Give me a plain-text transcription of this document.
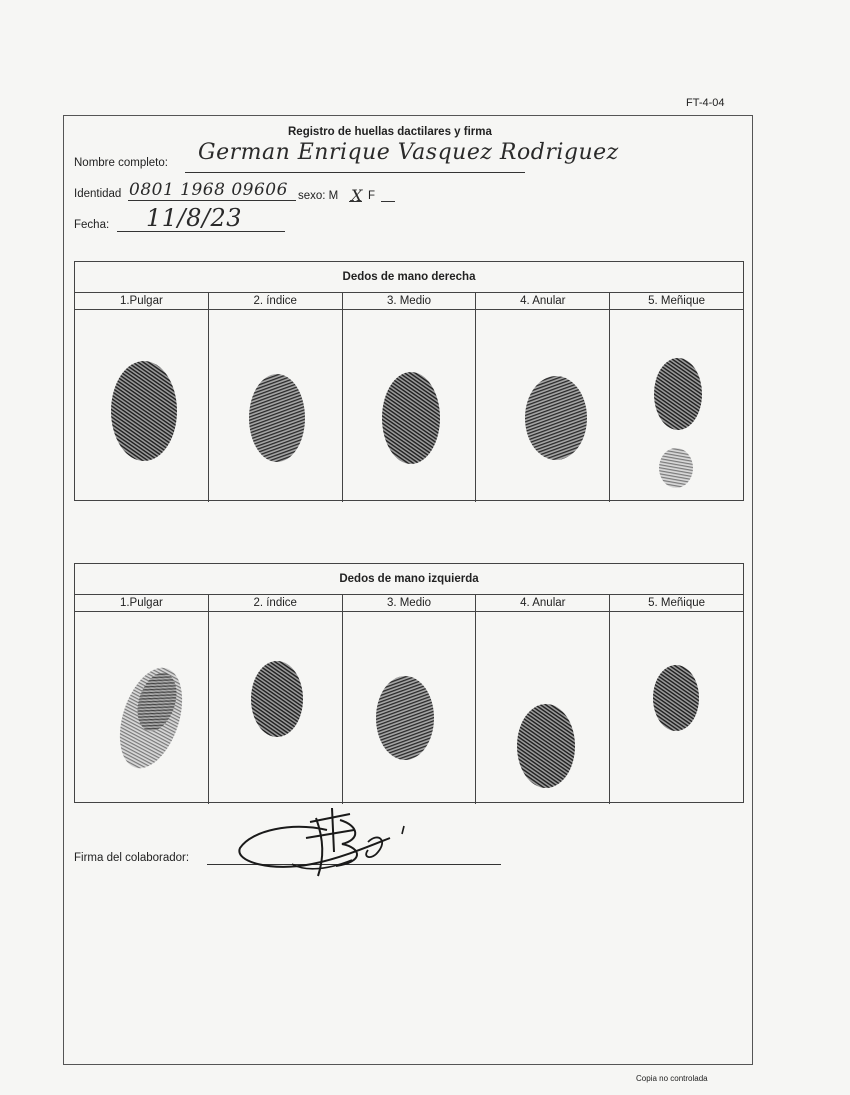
FT-4-04
Registro de huellas dactilares y firma
Nombre completo: German Enrique Vasquez Rodriguez
Identidad 0801 1968 09606 sexo: M X F
Fecha: 11/8/23
Dedos de mano derecha
1.Pulgar	2. índice	3. Medio	4. Anular	5. Meñique
Dedos de mano izquierda
1.Pulgar	2. índice	3. Medio	4. Anular	5. Meñique
Firma del colaborador:
Copia no controlada
